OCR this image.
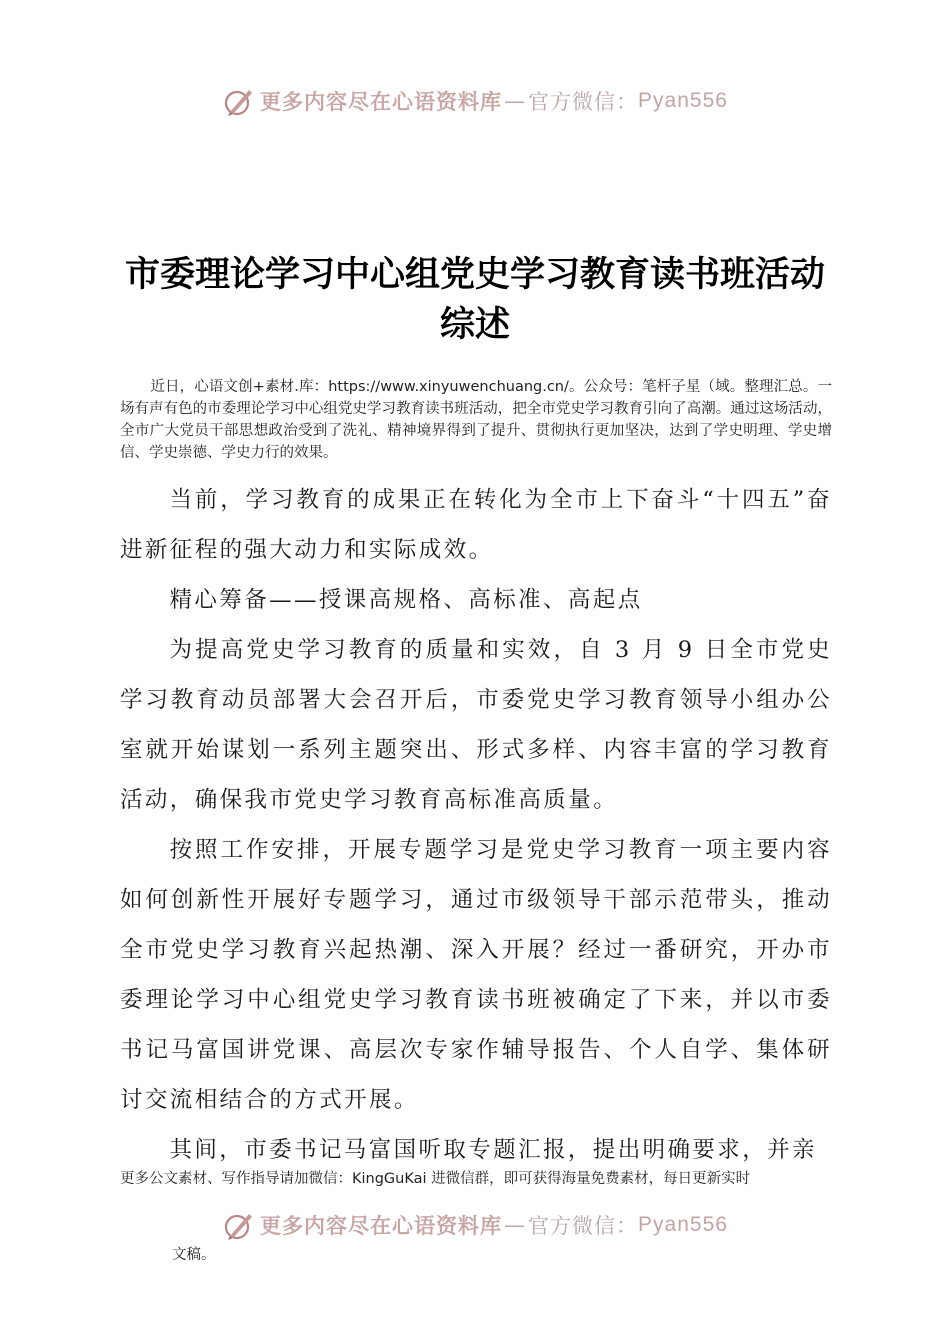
更多内容尽在心语资料库 — 官方微信： Pyan556
市委理论学习中心组党史学习教育读书班活动
综述
近日，心语文创+素材.库：https://www.xinyuwenchuang.cn/。公众号：笔杆子星（域。整理汇总。一场有声有色的市委理论学习中心组党史学习教育读书班活动，把全市党史学习教育引向了高潮。通过这场活动，全市广大党员干部思想政治受到了洗礼、精神境界得到了提升、贯彻执行更加坚决，达到了学史明理、学史增信、学史崇德、学史力行的效果。

当前，学习教育的成果正在转化为全市上下奋斗“十四五”奋进新征程的强大动力和实际成效。

精心筹备——授课高规格、高标准、高起点

为提高党史学习教育的质量和实效，自 3 月 9 日全市党史学习教育动员部署大会召开后，市委党史学习教育领导小组办公室就开始谋划一系列主题突出、形式多样、内容丰富的学习教育活动，确保我市党史学习教育高标准高质量。

按照工作安排，开展专题学习是党史学习教育一项主要内容如何创新性开展好专题学习，通过市级领导干部示范带头，推动全市党史学习教育兴起热潮、深入开展？经过一番研究，开办市委理论学习中心组党史学习教育读书班被确定了下来，并以市委书记马富国讲党课、高层次专家作辅导报告、个人自学、集体研讨交流相结合的方式开展。

其间，市委书记马富国听取专题汇报，提出明确要求，并亲

更多公文素材、写作指导请加微信：KingGuKai 进微信群，即可获得海量免费素材，每日更新实时
更多内容尽在心语资料库 — 官方微信： Pyan556
文稿。
